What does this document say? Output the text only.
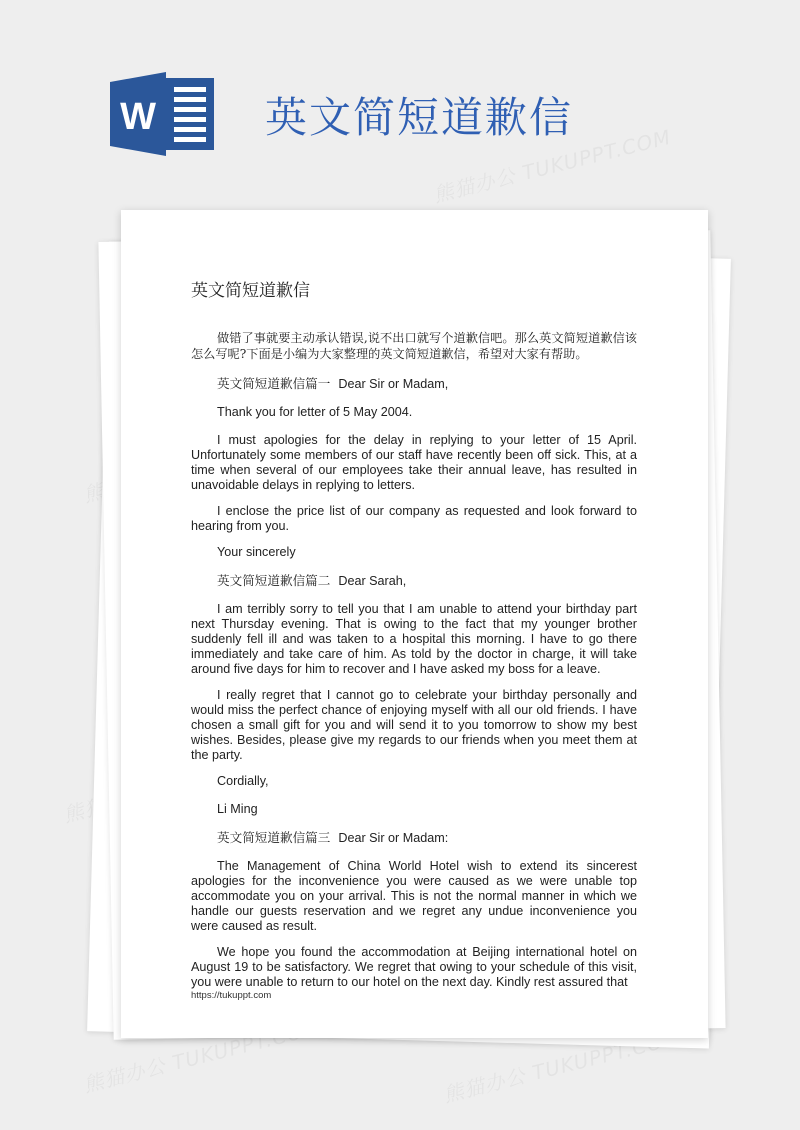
W	英文简短道歉信
英文简短道歉信

做错了事就要主动承认错误,说不出口就写个道歉信吧。那么英文简短道歉信该怎么写呢?下面是小编为大家整理的英文简短道歉信，希望对大家有帮助。

英文简短道歉信篇一 Dear Sir or Madam,

Thank you for letter of 5 May 2004.

I must apologies for the delay in replying to your letter of 15 April. Unfortunately some members of our staff have recently been off sick. This, at a time when several of our employees take their annual leave, has resulted in unavoidable delays in replying to letters.

I enclose the price list of our company as requested and look forward to hearing from you.

Your sincerely

英文简短道歉信篇二 Dear Sarah,

I am terribly sorry to tell you that I am unable to attend your birthday part next Thursday evening. That is owing to the fact that my younger brother suddenly fell ill and was taken to a hospital this morning. I have to go there immediately and take care of him. As told by the doctor in charge, it will take around five days for him to recover and I have asked my boss for a leave.

I really regret that I cannot go to celebrate your birthday personally and would miss the perfect chance of enjoying myself with all our old friends. I have chosen a small gift for you and will send it to you tomorrow to show my best wishes. Besides, please give my regards to our friends when you meet them at the party.

Cordially,

Li Ming

英文简短道歉信篇三 Dear Sir or Madam:

The Management of China World Hotel wish to extend its sincerest apologies for the inconvenience you were caused as we were unable top accommodate you on your arrival. This is not the normal manner in which we handle our guests reservation and we regret any undue inconvenience you were caused as result.

We hope you found the accommodation at Beijing international hotel on August 19 to be satisfactory. We regret that owing to your schedule of this visit, you were unable to return to our hotel on the next day. Kindly rest assured that

https://tukuppt.com
